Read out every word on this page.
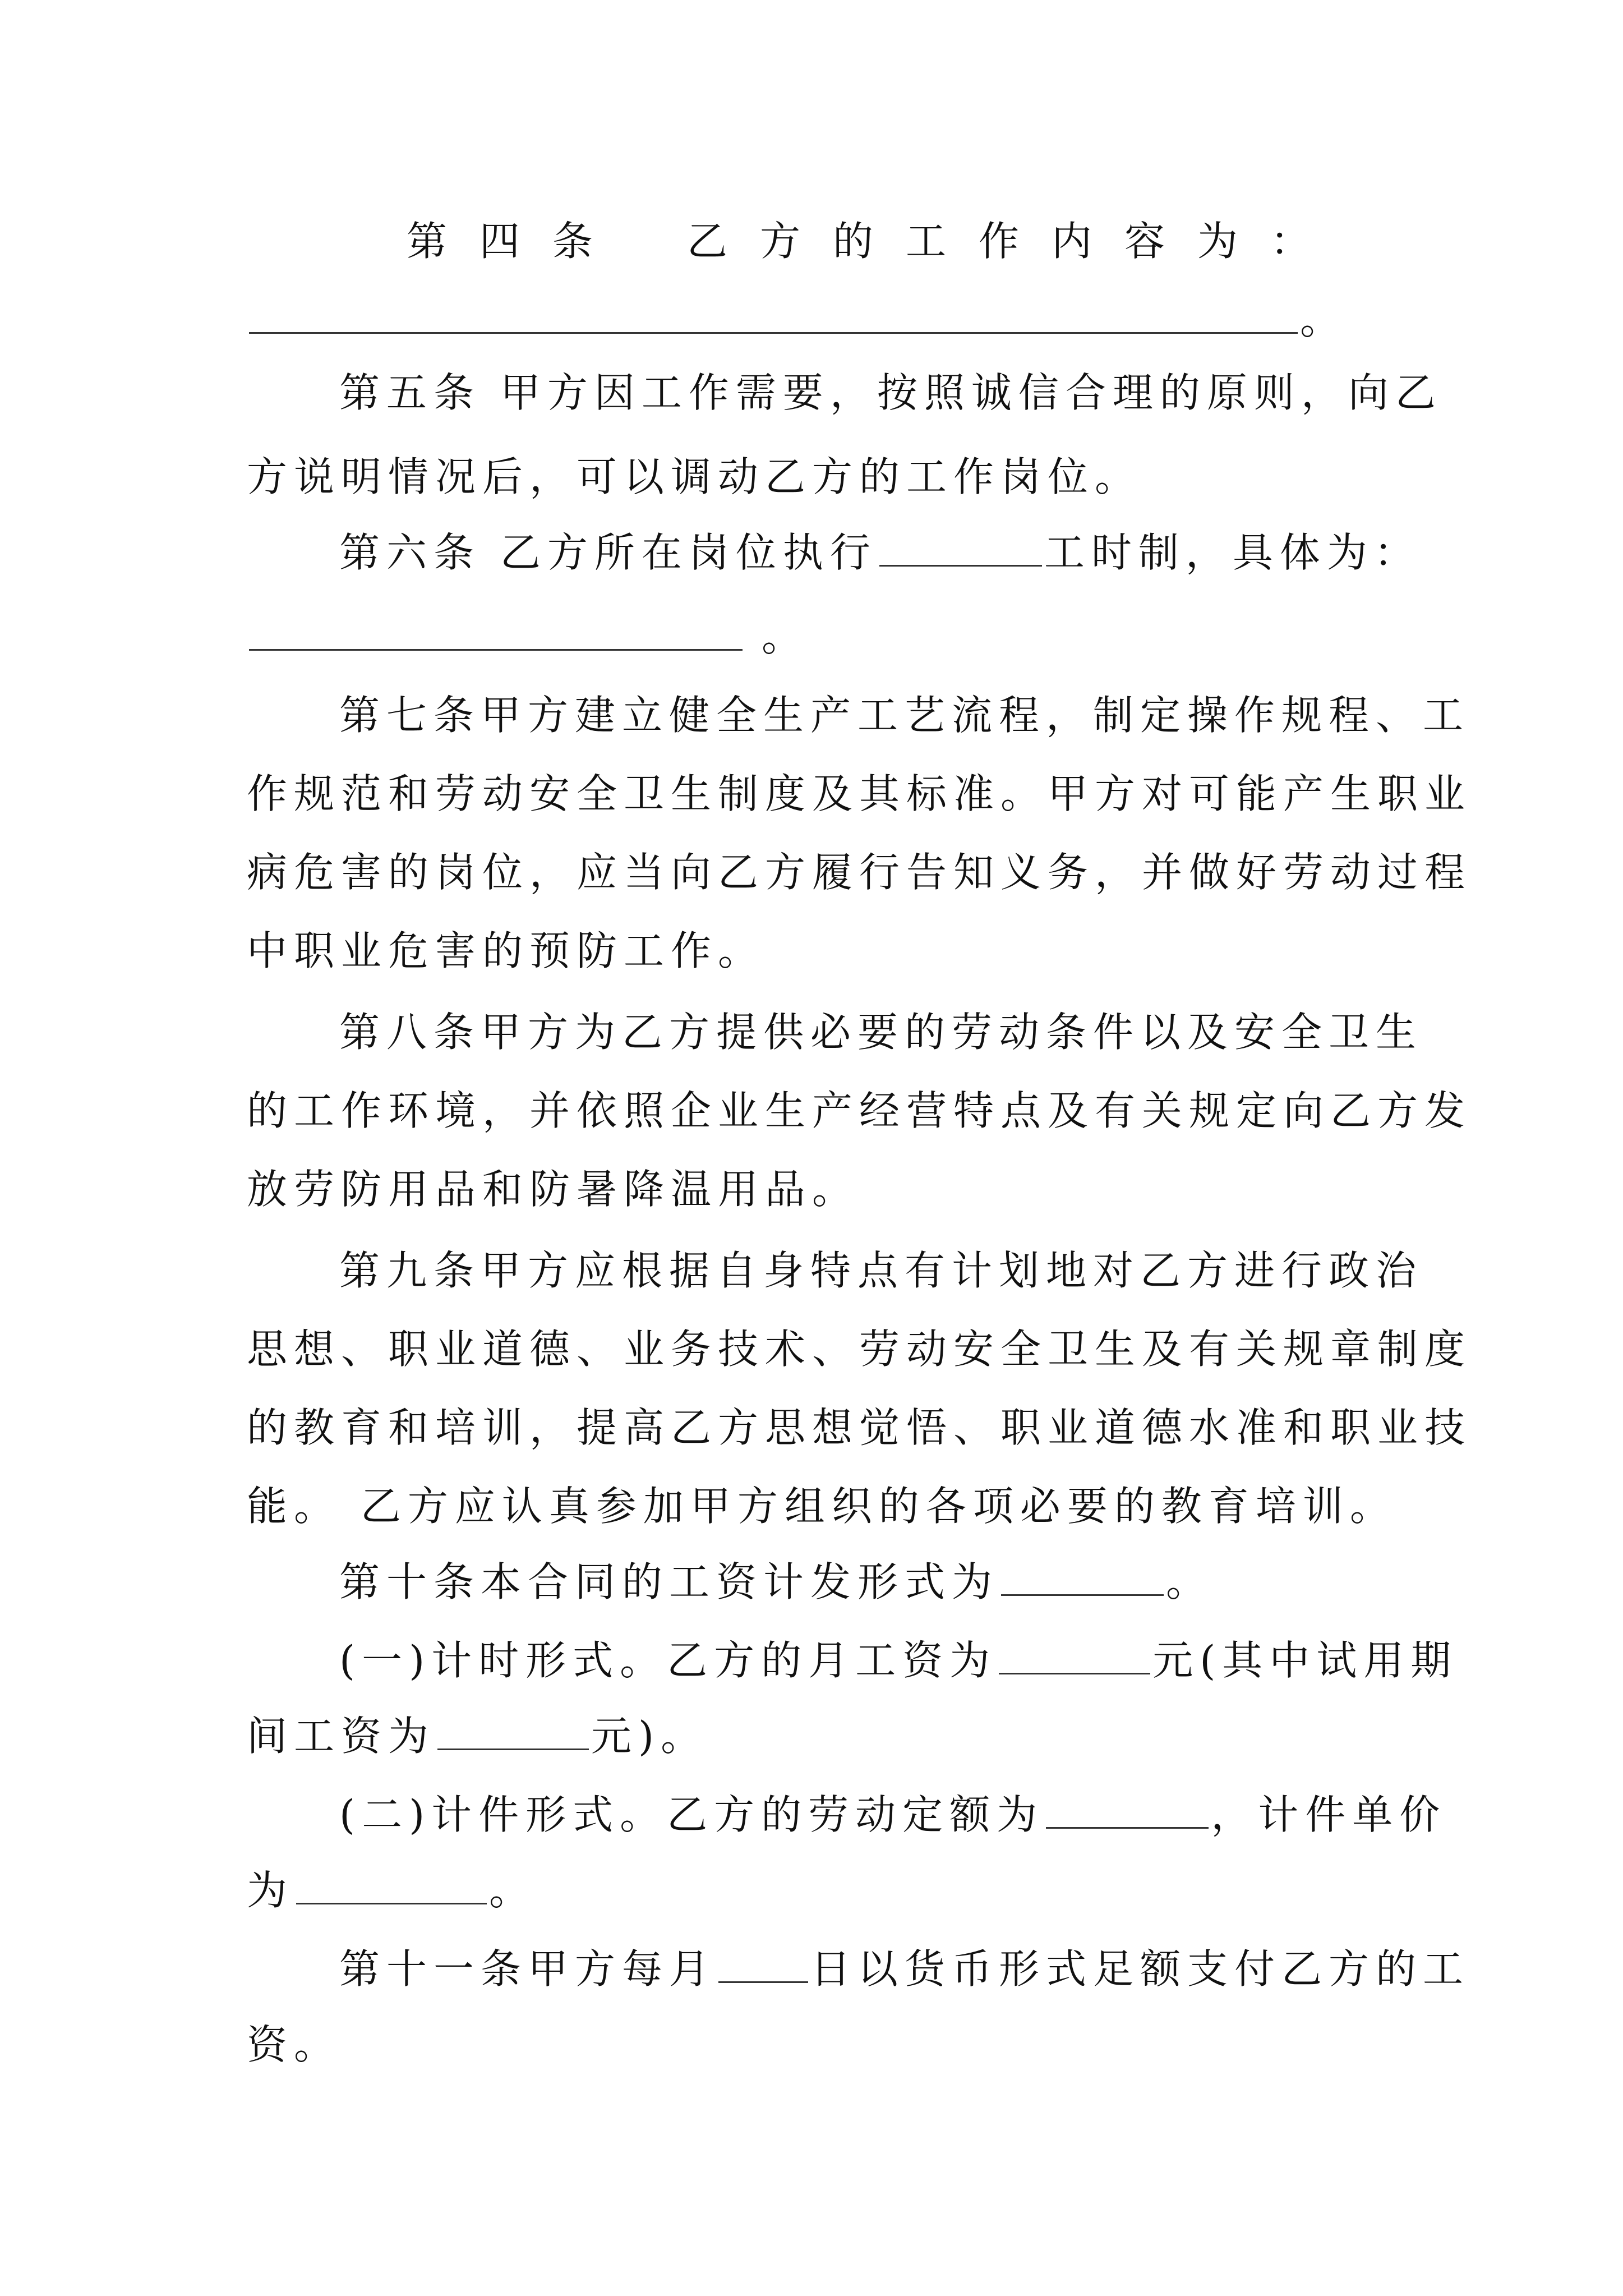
第四条 乙方的工作内容为：
。
第五条 甲方因工作需要，按照诚信合理的原则，向乙
方说明情况后，可以调动乙方的工作岗位。
第六条 乙方所在岗位执行	工时制，具体为：
。
第七条甲方建立健全生产工艺流程，制定操作规程、工
作规范和劳动安全卫生制度及其标准。甲方对可能产生职业
病危害的岗位，应当向乙方履行告知义务，并做好劳动过程
中职业危害的预防工作。
第八条甲方为乙方提供必要的劳动条件以及安全卫生
的工作环境，并依照企业生产经营特点及有关规定向乙方发
放劳防用品和防暑降温用品。
第九条甲方应根据自身特点有计划地对乙方进行政治
思想、职业道德、业务技术、劳动安全卫生及有关规章制度
的教育和培训，提高乙方思想觉悟、职业道德水准和职业技
能。 乙方应认真参加甲方组织的各项必要的教育培训。
第十条本合同的工资计发形式为	。
(一)计时形式。乙方的月工资为	元(其中试用期
间工资为	元)。
(二)计件形式。乙方的劳动定额为	，计件单价
为	。
第十一条甲方每月 日以货币形式足额支付乙方的工
资。
